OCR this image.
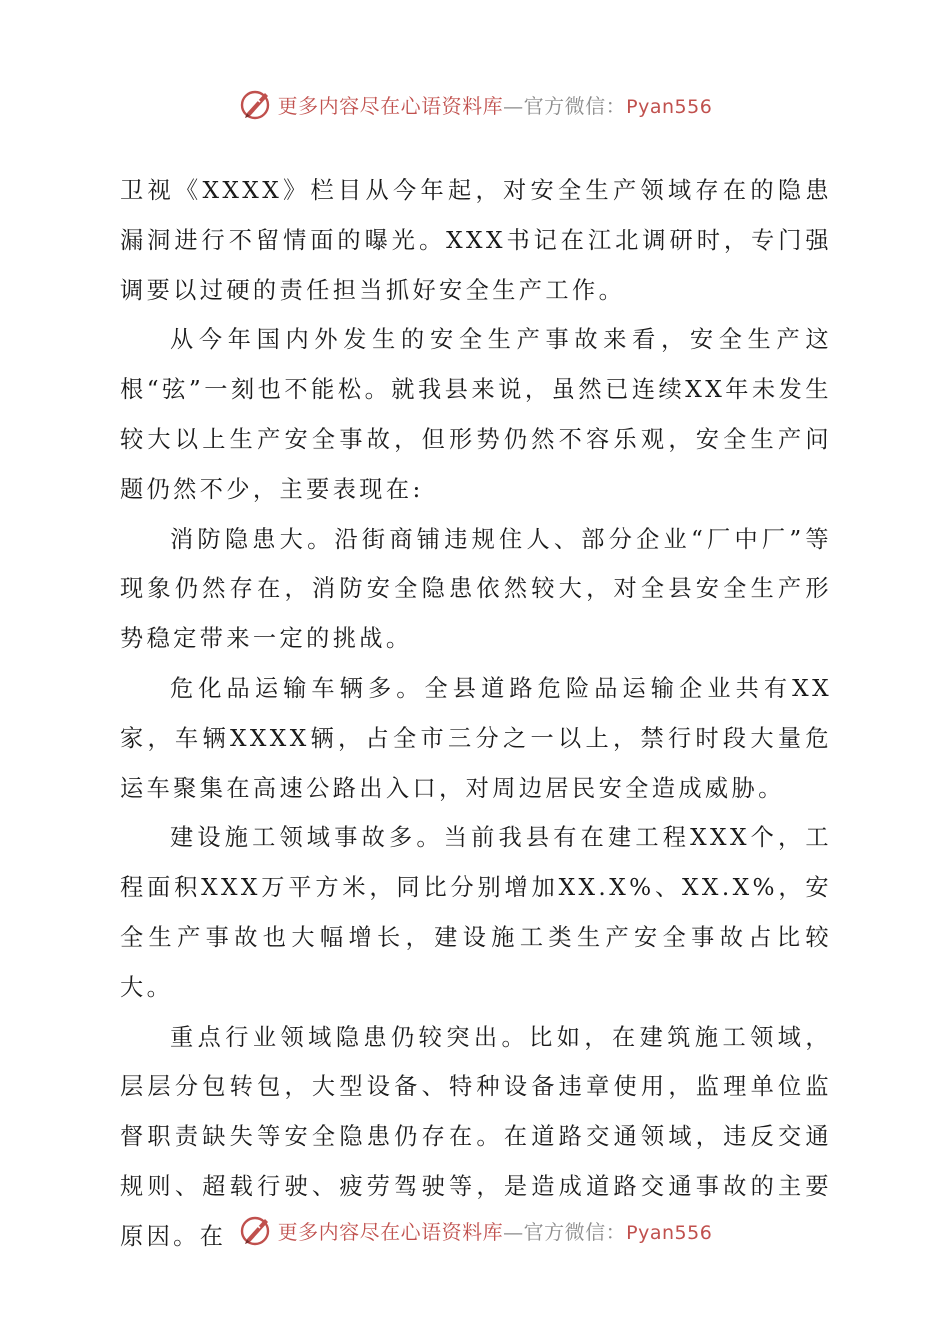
更多内容尽在心语资料库—官方微信：Pyan556

卫视《XXXX》栏目从今年起，对安全生产领域存在的隐患漏洞进行不留情面的曝光。XXX书记在江北调研时，专门强调要以过硬的责任担当抓好安全生产工作。

从今年国内外发生的安全生产事故来看，安全生产这根“弦”一刻也不能松。就我县来说，虽然已连续XX年未发生较大以上生产安全事故，但形势仍然不容乐观，安全生产问题仍然不少，主要表现在:

消防隐患大。沿街商铺违规住人、部分企业“厂中厂”等现象仍然存在，消防安全隐患依然较大，对全县安全生产形势稳定带来一定的挑战。

危化品运输车辆多。全县道路危险品运输企业共有XX家，车辆XXXX辆，占全市三分之一以上，禁行时段大量危运车聚集在高速公路出入口，对周边居民安全造成威胁。

建设施工领域事故多。当前我县有在建工程XXX个，工程面积XXX万平方米，同比分别增加XX.X%、XX.X%，安全生产事故也大幅增长，建设施工类生产安全事故占比较大。

重点行业领域隐患仍较突出。比如，在建筑施工领域，层层分包转包，大型设备、特种设备违章使用，监理单位监督职责缺失等安全隐患仍存在。在道路交通领域，违反交通规则、超载行驶、疲劳驾驶等，是造成道路交通事故的主要原因。在	更多内容尽在心语资料库—官方微信：Pyan556
